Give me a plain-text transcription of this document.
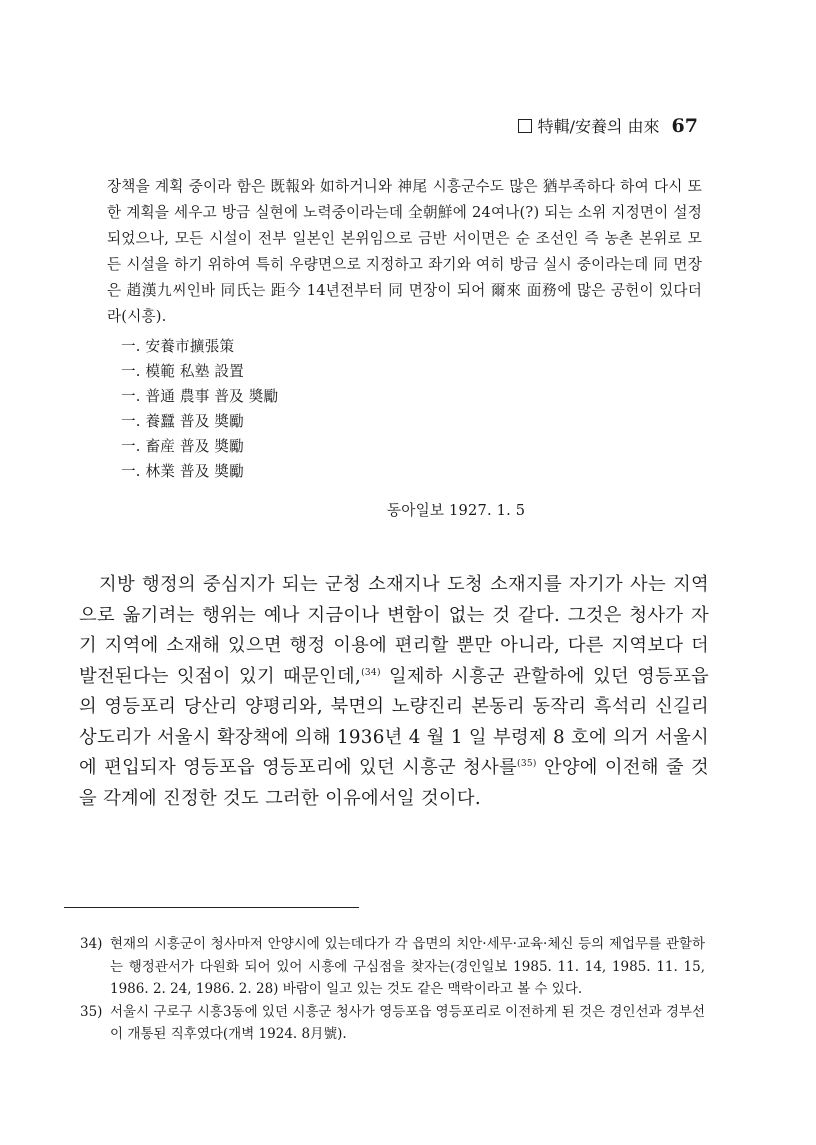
特輯/安養의 由來 67

장책을 계획 중이라 함은 既報와 如하거니와 神尾 시흥군수도 많은 猶부족하다 하여 다시 또한 계획을 세우고 방금 실현에 노력중이라는데 全朝鮮에 24여나(?) 되는 소위 지정면이 설정되었으나, 모든 시설이 전부 일본인 본위임으로 금반 서이면은 순 조선인 즉 농촌 본위로 모든 시설을 하기 위하여 특히 우량면으로 지정하고 좌기와 여히 방금 실시 중이라는데 同 면장은 趙漢九씨인바 同氏는 距今 14년전부터 同 면장이 되어 爾來 面務에 많은 공헌이 있다더라(시흥).

一. 安養市擴張策
一. 模範 私塾 設置
一. 普通 農事 普及 奬勵
一. 養蠶 普及 奬勵
一. 畜産 普及 奬勵
一. 林業 普及 奬勵
동아일보 1927. 1. 5

지방 행정의 중심지가 되는 군청 소재지나 도청 소재지를 자기가 사는 지역으로 옮기려는 행위는 예나 지금이나 변함이 없는 것 같다. 그것은 청사가 자기 지역에 소재해 있으면 행정 이용에 편리할 뿐만 아니라, 다른 지역보다 더 발전된다는 잇점이 있기 때문인데,$^{(34)}$ 일제하 시흥군 관할하에 있던 영등포읍의 영등포리 당산리 양평리와, 북면의 노량진리 본동리 동작리 흑석리 신길리 상도리가 서울시 확장책에 의해 1936년 4 월 1 일 부령제 8 호에 의거 서울시에 편입되자 영등포읍 영등포리에 있던 시흥군 청사를$^{(35)}$ 안양에 이전해 줄 것을 각계에 진정한 것도 그러한 이유에서일 것이다.

34) 현재의 시흥군이 청사마저 안양시에 있는데다가 각 읍면의 치안·세무·교육·체신 등의 제업무를 관할하는 행정관서가 다원화 되어 있어 시흥에 구심점을 찾자는(경인일보 1985. 11. 14, 1985. 11. 15, 1986. 2. 24, 1986. 2. 28) 바람이 일고 있는 것도 같은 맥락이라고 볼 수 있다.
35) 서울시 구로구 시흥3동에 있던 시흥군 청사가 영등포읍 영등포리로 이전하게 된 것은 경인선과 경부선이 개통된 직후였다(개벽 1924. 8月號).
